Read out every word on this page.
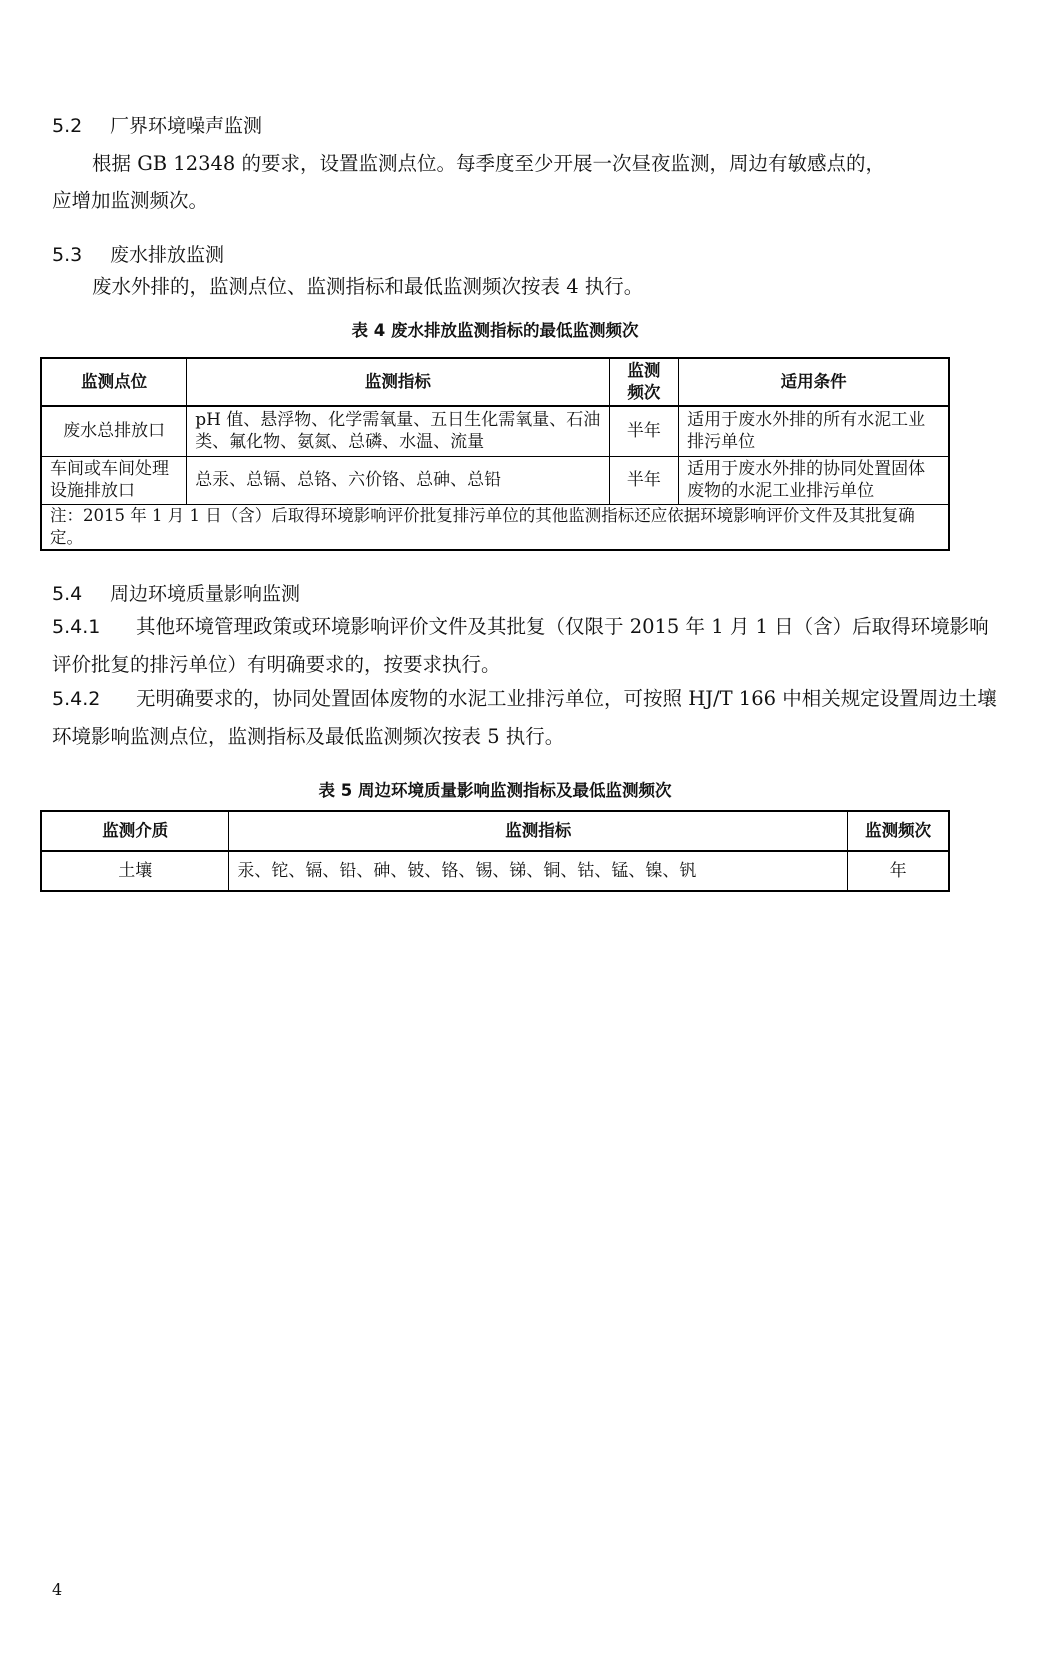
5.2 厂界环境噪声监测
根据 GB 12348 的要求，设置监测点位。每季度至少开展一次昼夜监测，周边有敏感点的，应增加监测频次。
5.3 废水排放监测
废水外排的，监测点位、监测指标和最低监测频次按表 4 执行。
表 4 废水排放监测指标的最低监测频次
监测点位	监测指标	监测频次	适用条件
废水总排放口	pH 值、悬浮物、化学需氧量、五日生化需氧量、石油类、氟化物、氨氮、总磷、水温、流量	半年	适用于废水外排的所有水泥工业排污单位
车间或车间处理设施排放口	总汞、总镉、总铬、六价铬、总砷、总铅	半年	适用于废水外排的协同处置固体废物的水泥工业排污单位
注：2015 年 1 月 1 日（含）后取得环境影响评价批复排污单位的其他监测指标还应依据环境影响评价文件及其批复确定。			
5.4 周边环境质量影响监测
5.4.1 其他环境管理政策或环境影响评价文件及其批复（仅限于 2015 年 1 月 1 日（含）后取得环境影响评价批复的排污单位）有明确要求的，按要求执行。
5.4.2 无明确要求的，协同处置固体废物的水泥工业排污单位，可按照 HJ/T 166 中相关规定设置周边土壤环境影响监测点位，监测指标及最低监测频次按表 5 执行。
表 5 周边环境质量影响监测指标及最低监测频次
监测介质	监测指标	监测频次
土壤	汞、铊、镉、铅、砷、铍、铬、锡、锑、铜、钴、锰、镍、钒	年
4
